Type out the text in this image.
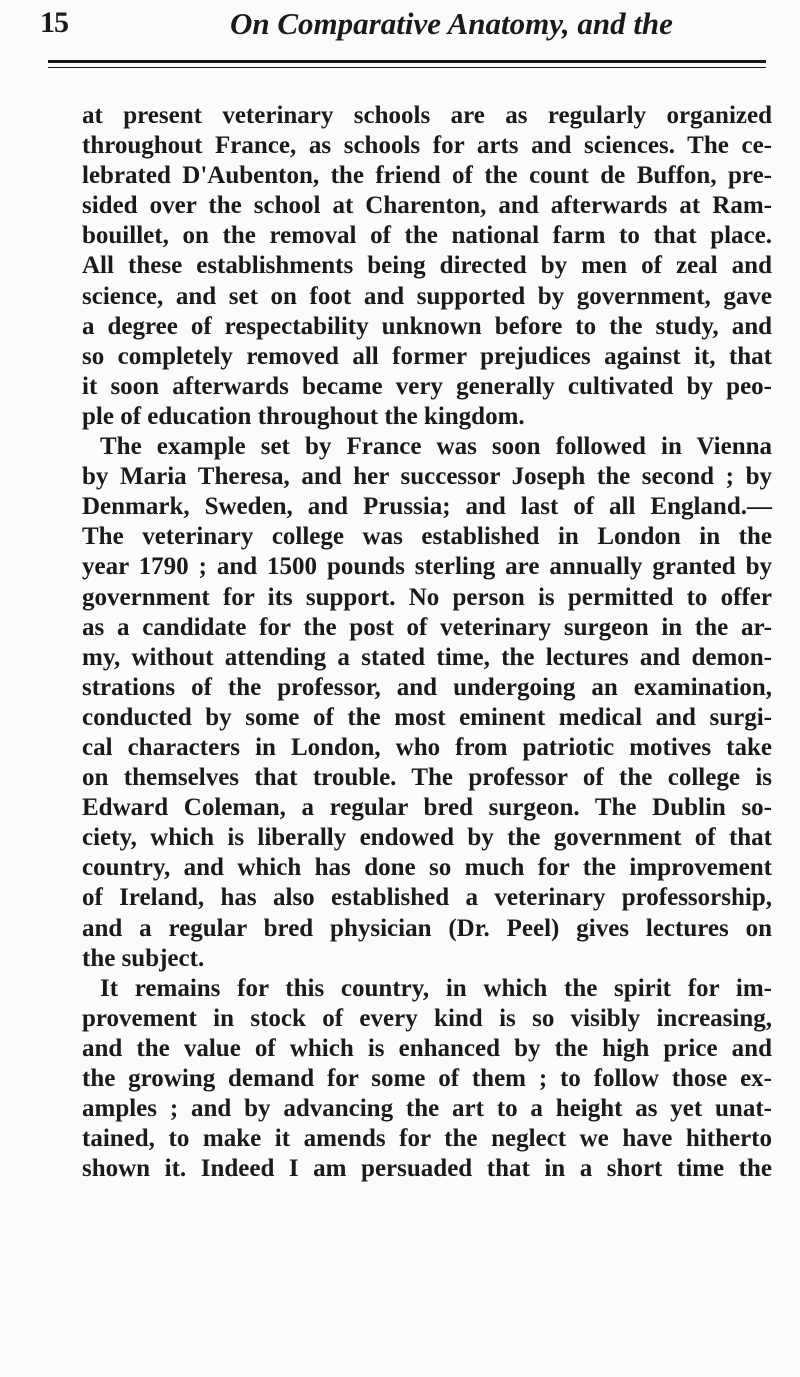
15	On Comparative Anatomy, and the
at present veterinary schools are as regularly organized
throughout France, as schools for arts and sciences. The ce-
lebrated D'Aubenton, the friend of the count de Buffon, pre-
sided over the school at Charenton, and afterwards at Ram-
bouillet, on the removal of the national farm to that place.
All these establishments being directed by men of zeal and
science, and set on foot and supported by government, gave
a degree of respectability unknown before to the study, and
so completely removed all former prejudices against it, that
it soon afterwards became very generally cultivated by peo-
ple of education throughout the kingdom.
The example set by France was soon followed in Vienna
by Maria Theresa, and her successor Joseph the second ; by
Denmark, Sweden, and Prussia; and last of all England.—
The veterinary college was established in London in the
year 1790 ; and 1500 pounds sterling are annually granted by
government for its support. No person is permitted to offer
as a candidate for the post of veterinary surgeon in the ar-
my, without attending a stated time, the lectures and demon-
strations of the professor, and undergoing an examination,
conducted by some of the most eminent medical and surgi-
cal characters in London, who from patriotic motives take
on themselves that trouble. The professor of the college is
Edward Coleman, a regular bred surgeon. The Dublin so-
ciety, which is liberally endowed by the government of that
country, and which has done so much for the improvement
of Ireland, has also established a veterinary professorship,
and a regular bred physician (Dr. Peel) gives lectures on
the subject.
It remains for this country, in which the spirit for im-
provement in stock of every kind is so visibly increasing,
and the value of which is enhanced by the high price and
the growing demand for some of them ; to follow those ex-
amples ; and by advancing the art to a height as yet unat-
tained, to make it amends for the neglect we have hitherto
shown it. Indeed I am persuaded that in a short time the
